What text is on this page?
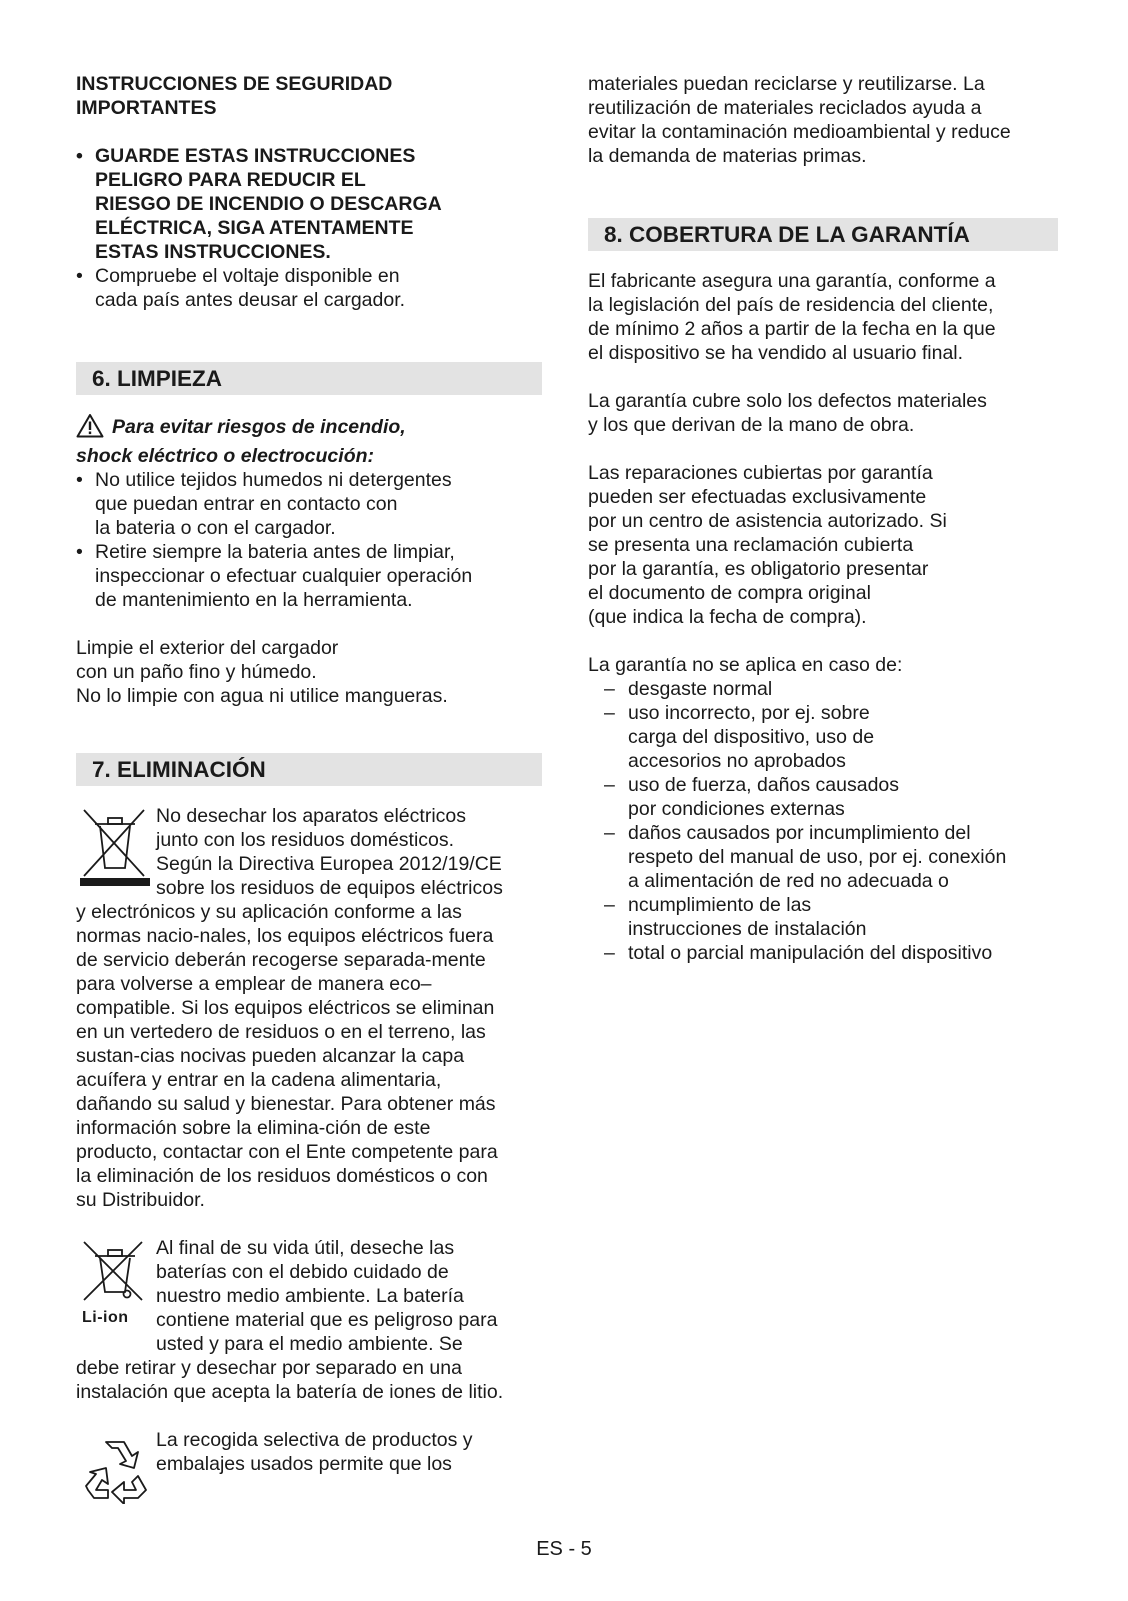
INSTRUCCIONES DE SEGURIDAD
IMPORTANTES

• GUARDE ESTAS INSTRUCCIONES
PELIGRO PARA REDUCIR EL
RIESGO DE INCENDIO O DESCARGA
ELÉCTRICA, SIGA ATENTAMENTE
ESTAS INSTRUCCIONES.
• Compruebe el voltaje disponible en
cada país antes deusar el cargador.
6. LIMPIEZA

Para evitar riesgos de incendio,
shock eléctrico o electrocución:

• No utilice tejidos humedos ni detergentes
que puedan entrar en contacto con
la bateria o con el cargador.
• Retire siempre la bateria antes de limpiar,
inspeccionar o efectuar cualquier operación
de mantenimiento en la herramienta.

Limpie el exterior del cargador
con un paño fino y húmedo.
No lo limpie con agua ni utilice mangueras.

7. ELIMINACIÓN

No desechar los aparatos eléctricos
junto con los residuos domésticos.
Según la Directiva Europea 2012/19/CE
sobre los residuos de equipos eléctricos

y electrónicos y su aplicación conforme a las
normas nacio-nales, los equipos eléctricos fuera
de servicio deberán recogerse separada-mente
para volverse a emplear de manera eco–
compatible. Si los equipos eléctricos se eliminan
en un vertedero de residuos o en el terreno, las
sustan-cias nocivas pueden alcanzar la capa
acuífera y entrar en la cadena alimentaria,
dañando su salud y bienestar. Para obtener más
información sobre la elimina-ción de este
producto, contactar con el Ente competente para
la eliminación de los residuos domésticos o con
su Distribuidor.

Li-ion

Al final de su vida útil, deseche las
baterías con el debido cuidado de
nuestro medio ambiente. La batería
contiene material que es peligroso para
usted y para el medio ambiente. Se

debe retirar y desechar por separado en una
instalación que acepta la batería de iones de litio.

La recogida selectiva de productos y
embalajes usados permite que los

materiales puedan reciclarse y reutilizarse. La
reutilización de materiales reciclados ayuda a
evitar la contaminación medioambiental y reduce
la demanda de materias primas.

8. COBERTURA DE LA GARANTÍA

El fabricante asegura una garantía, conforme a
la legislación del país de residencia del cliente,
de mínimo 2 años a partir de la fecha en la que
el dispositivo se ha vendido al usuario final.

La garantía cubre solo los defectos materiales
y los que derivan de la mano de obra.

Las reparaciones cubiertas por garantía
pueden ser efectuadas exclusivamente
por un centro de asistencia autorizado. Si
se presenta una reclamación cubierta
por la garantía, es obligatorio presentar
el documento de compra original
(que indica la fecha de compra).

La garantía no se aplica en caso de:

– desgaste normal
– uso incorrecto, por ej. sobre
carga del dispositivo, uso de
accesorios no aprobados
– uso de fuerza, daños causados
por condiciones externas
– daños causados por incumplimiento del
respeto del manual de uso, por ej. conexión
a alimentación de red no adecuada o
– ncumplimiento de las
instrucciones de instalación
– total o parcial manipulación del dispositivo
ES - 5
